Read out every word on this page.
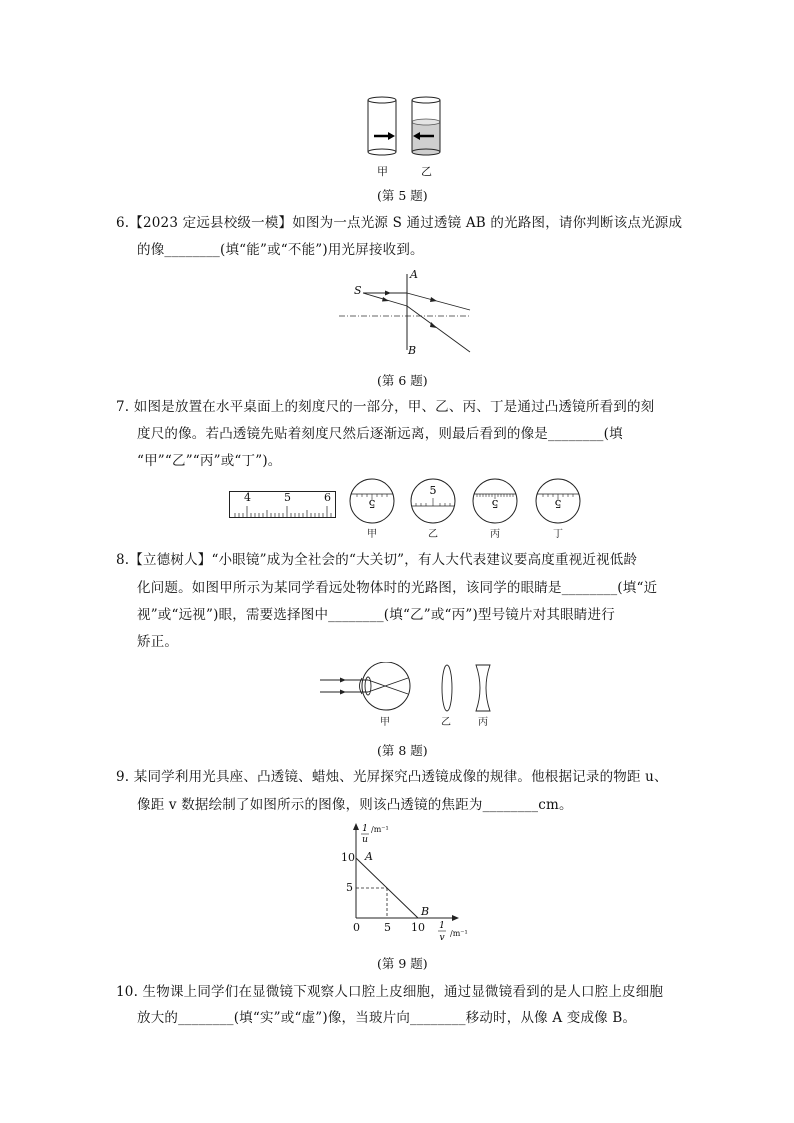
甲	乙
(第 5 题)
6.【2023 定远县校级一模】如图为一点光源 S 通过透镜 AB 的光路图，请你判断该点光源成
的像________(填“能”或“不能”)用光屏接收到。
S
A
B
(第 6 题)
7. 如图是放置在水平桌面上的刻度尺的一部分，甲、乙、丙、丁是通过凸透镜所看到的刻
度尺的像。若凸透镜先贴着刻度尺然后逐渐远离，则最后看到的像是________(填
“甲”“乙”“丙”或“丁”)。
4	5	6	5
甲
5
乙
5
丙
5
丁
8.【立德树人】“小眼镜”成为全社会的“大关切”，有人大代表建议要高度重视近视低龄
化问题。如图甲所示为某同学看远处物体时的光路图，该同学的眼睛是________(填“近
视”或“远视”)眼，需要选择图中________(填“乙”或“丙”)型号镜片对其眼睛进行
矫正。
甲	乙	丙
(第 8 题)
9. 某同学利用光具座、凸透镜、蜡烛、光屏探究凸透镜成像的规律。他根据记录的物距 u、
像距 v 数据绘制了如图所示的图像，则该凸透镜的焦距为________cm。
1
u
1
v
/m⁻¹
/m⁻¹
10
5
0 5 10
A
B
(第 9 题)
10. 生物课上同学们在显微镜下观察人口腔上皮细胞，通过显微镜看到的是人口腔上皮细胞
放大的________(填“实”或“虚”)像，当玻片向________移动时，从像 A 变成像 B。
